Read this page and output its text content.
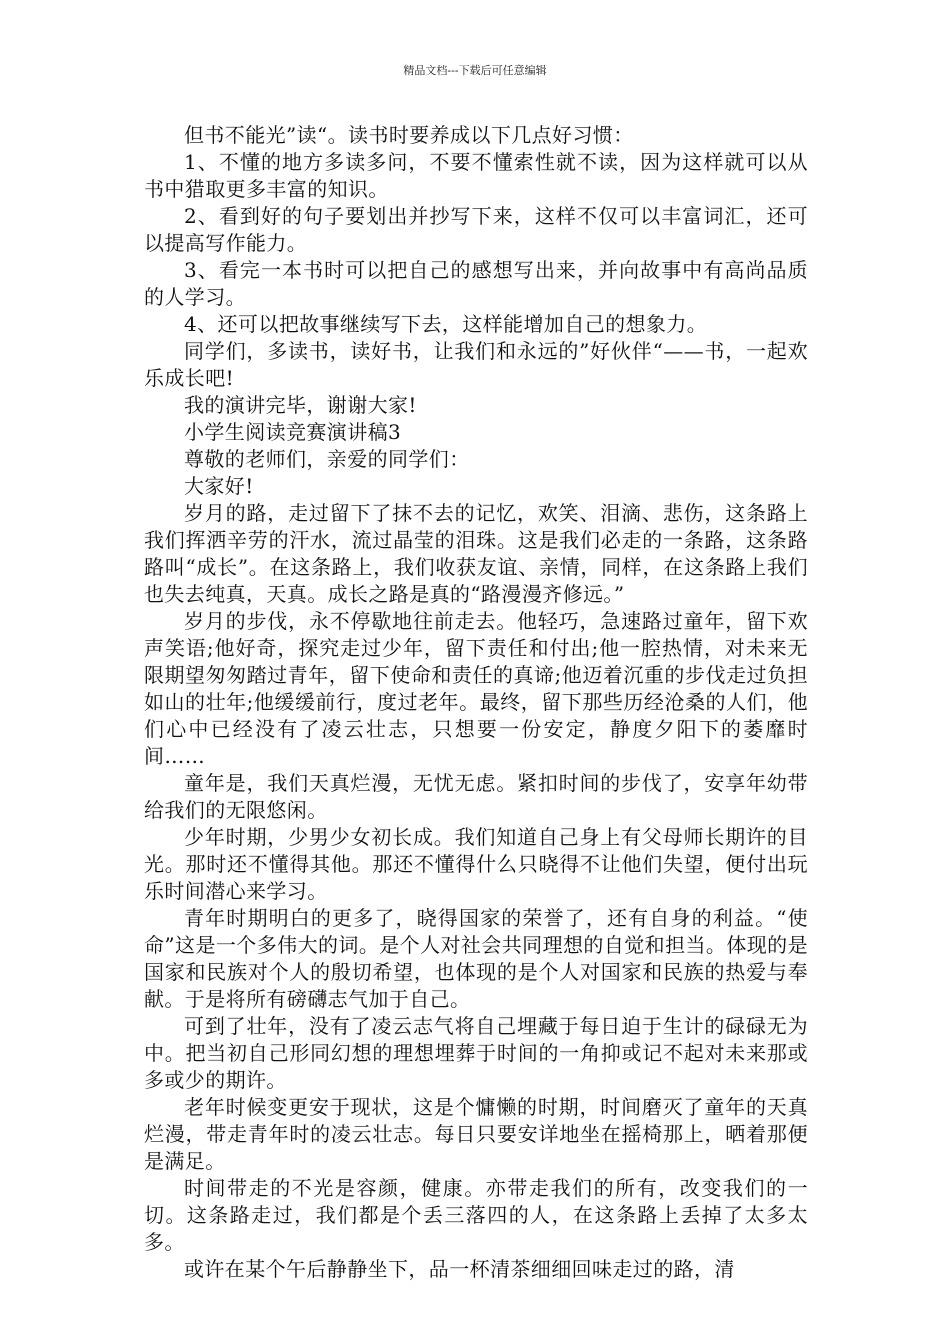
精品文档---下载后可任意编辑

但书不能光”读“。读书时要养成以下几点好习惯：

1、不懂的地方多读多问，不要不懂索性就不读，因为这样就可以从书中猎取更多丰富的知识。

2、看到好的句子要划出并抄写下来，这样不仅可以丰富词汇，还可以提高写作能力。

3、看完一本书时可以把自己的感想写出来，并向故事中有高尚品质的人学习。

4、还可以把故事继续写下去，这样能增加自己的想象力。

同学们，多读书，读好书，让我们和永远的”好伙伴“——书，一起欢乐成长吧!

我的演讲完毕，谢谢大家!

小学生阅读竞赛演讲稿3

尊敬的老师们，亲爱的同学们：

大家好!

岁月的路，走过留下了抹不去的记忆，欢笑、泪滴、悲伤，这条路上我们挥洒辛劳的汗水，流过晶莹的泪珠。这是我们必走的一条路，这条路路叫“成长”。在这条路上，我们收获友谊、亲情，同样，在这条路上我们也失去纯真，天真。成长之路是真的“路漫漫齐修远。”

岁月的步伐，永不停歇地往前走去。他轻巧，急速路过童年，留下欢声笑语;他好奇，探究走过少年，留下责任和付出;他一腔热情，对未来无限期望匆匆踏过青年，留下使命和责任的真谛;他迈着沉重的步伐走过负担如山的壮年;他缓缓前行，度过老年。最终，留下那些历经沧桑的人们，他们心中已经没有了凌云壮志，只想要一份安定，静度夕阳下的萎靡时间……

童年是，我们天真烂漫，无忧无虑。紧扣时间的步伐了，安享年幼带给我们的无限悠闲。

少年时期，少男少女初长成。我们知道自己身上有父母师长期许的目光。那时还不懂得其他。那还不懂得什么只晓得不让他们失望，便付出玩乐时间潜心来学习。

青年时期明白的更多了，晓得国家的荣誉了，还有自身的利益。“使命”这是一个多伟大的词。是个人对社会共同理想的自觉和担当。体现的是国家和民族对个人的殷切希望，也体现的是个人对国家和民族的热爱与奉献。于是将所有磅礴志气加于自己。

可到了壮年，没有了凌云志气将自己埋藏于每日迫于生计的碌碌无为中。把当初自己形同幻想的理想埋葬于时间的一角抑或记不起对未来那或多或少的期许。

老年时候变更安于现状，这是个慵懒的时期，时间磨灭了童年的天真烂漫，带走青年时的凌云壮志。每日只要安详地坐在摇椅那上，晒着那便是满足。

时间带走的不光是容颜，健康。亦带走我们的所有，改变我们的一切。这条路走过，我们都是个丢三落四的人，在这条路上丢掉了太多太多。

或许在某个午后静静坐下，品一杯清茶细细回味走过的路，清
